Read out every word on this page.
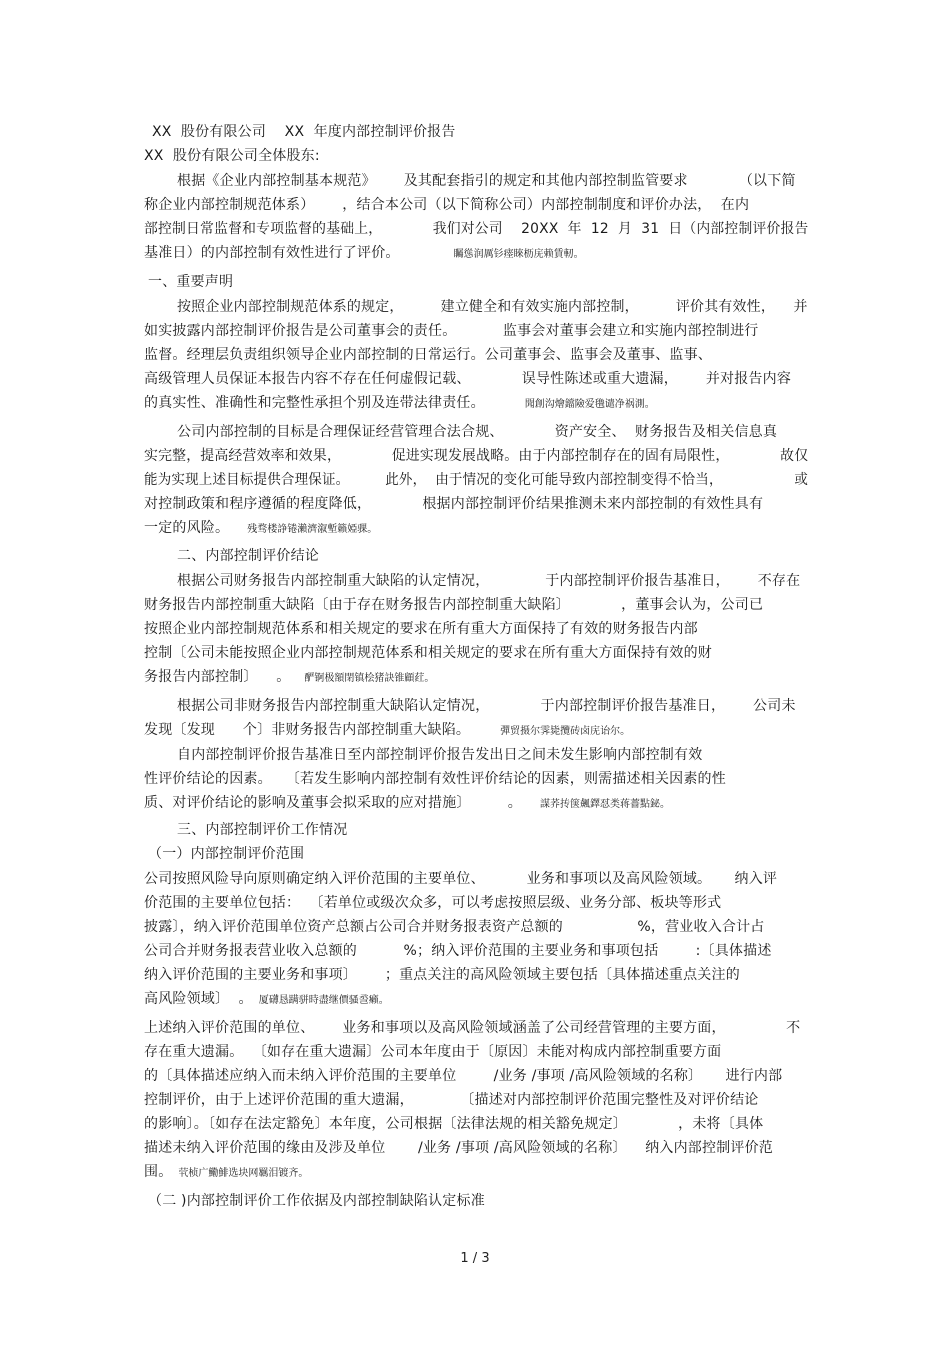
XX  股份有限公司    XX  年度内部控制评价报告
XX  股份有限公司全体股东:
根据《企业内部控制基本规范》      及其配套指引的规定和其他内部控制监管要求           （以下简
称企业内部控制规范体系）      ，结合本公司（以下简称公司）内部控制制度和评价办法，  在内
部控制日常监督和专项监督的基础上，           我们对公司    20XX  年  12  月  31  日（内部控制评价报告
基准日）的内部控制有效性进行了评价。	矚慫润厲钐瘗睞枥庑赖賃軔。
一、重要声明
按照企业内部控制规范体系的规定，        建立健全和有效实施内部控制，        评价其有效性，    并
如实披露内部控制评价报告是公司董事会的责任。          监事会对董事会建立和实施内部控制进行
监督。经理层负责组织领导企业内部控制的日常运行。公司董事会、监事会及董事、监事、
高级管理人员保证本报告内容不存在任何虚假记载、           误导性陈述或重大遗漏，      并对报告内容
的真实性、准确性和完整性承担个别及连带法律责任。	聞創沟燴鐺險爱氇谴净祸測。
公司内部控制的目标是合理保证经营管理合法合规、           资产安全、  财务报告及相关信息真
实完整，提高经营效率和效果，           促进实现发展战略。由于内部控制存在的固有局限性，           故仅
能为实现上述目标提供合理保证。        此外，  由于情况的变化可能导致内部控制变得不恰当，                或
对控制政策和程序遵循的程度降低，           根据内部控制评价结果推测未来内部控制的有效性具有
一定的风险。 残骛楼諍锩瀨濟溆塹籟婭骒。
二、内部控制评价结论
根据公司财务报告内部控制重大缺陷的认定情况，            于内部控制评价报告基准日，      不存在
财务报告内部控制重大缺陷〔由于存在财务报告内部控制重大缺陷〕           ，董事会认为，公司已
按照企业内部控制规范体系和相关规定的要求在所有重大方面保持了有效的财务报告内部
控制〔公司未能按照企业内部控制规范体系和相关规定的要求在所有重大方面保持有效的财
务报告内部控制〕    。 酽锕极額閉镇桧猪訣锥顧荭。
根据公司非财务报告内部控制重大缺陷认定情况，           于内部控制评价报告基准日，      公司未
发现〔发现      个〕非财务报告内部控制重大缺陷。	彈贸摄尔霁毙攬砖卤庑诒尔。
自内部控制评价报告基准日至内部控制评价报告发出日之间未发生影响内部控制有效
性评价结论的因素。   〔若发生影响内部控制有效性评价结论的因素，则需描述相关因素的性
质、对评价结论的影响及董事会拟采取的应对措施〕        。 謀荞抟箧飆鐸怼类蒋薔點鉍。
三、内部控制评价工作情况
（一）内部控制评价范围
公司按照风险导向原则确定纳入评价范围的主要单位、         业务和事项以及高风险领域。     纳入评
价范围的主要单位包括：  〔若单位或级次众多，可以考虑按照层级、业务分部、板块等形式
披露〕，纳入评价范围单位资产总额占公司合并财务报表资产总额的                %，营业收入合计占
公司合并财务报表营业收入总额的          %；纳入评价范围的主要业务和事项包括        :〔具体描述
纳入评价范围的主要业务和事项〕      ；重点关注的高风险领域主要包括〔具体描述重点关注的
高风险领域〕  。 厦礴恳蹒骈時盡继價骚巹癩。
上述纳入评价范围的单位、      业务和事项以及高风险领域涵盖了公司经营管理的主要方面，             不
存在重大遗漏。  〔如存在重大遗漏〕公司本年度由于〔原因〕未能对构成内部控制重要方面
的〔具体描述应纳入而未纳入评价范围的主要单位        /业务 /事项 /高风险领域的名称〕     进行内部
控制评价，由于上述评价范围的重大遗漏，          〔描述对内部控制评价范围完整性及对评价结论
的影响〕。〔如存在法定豁免〕本年度，公司根据〔法律法规的相关豁免规定〕           ，未将〔具体
描述未纳入评价范围的缘由及涉及单位       /业务 /事项 /高风险领域的名称〕    纳入内部控制评价范
围。 茕桢广鰳鯡选块网羈泪镀齐。
（二 )内部控制评价工作依据及内部控制缺陷认定标准
1 / 3
